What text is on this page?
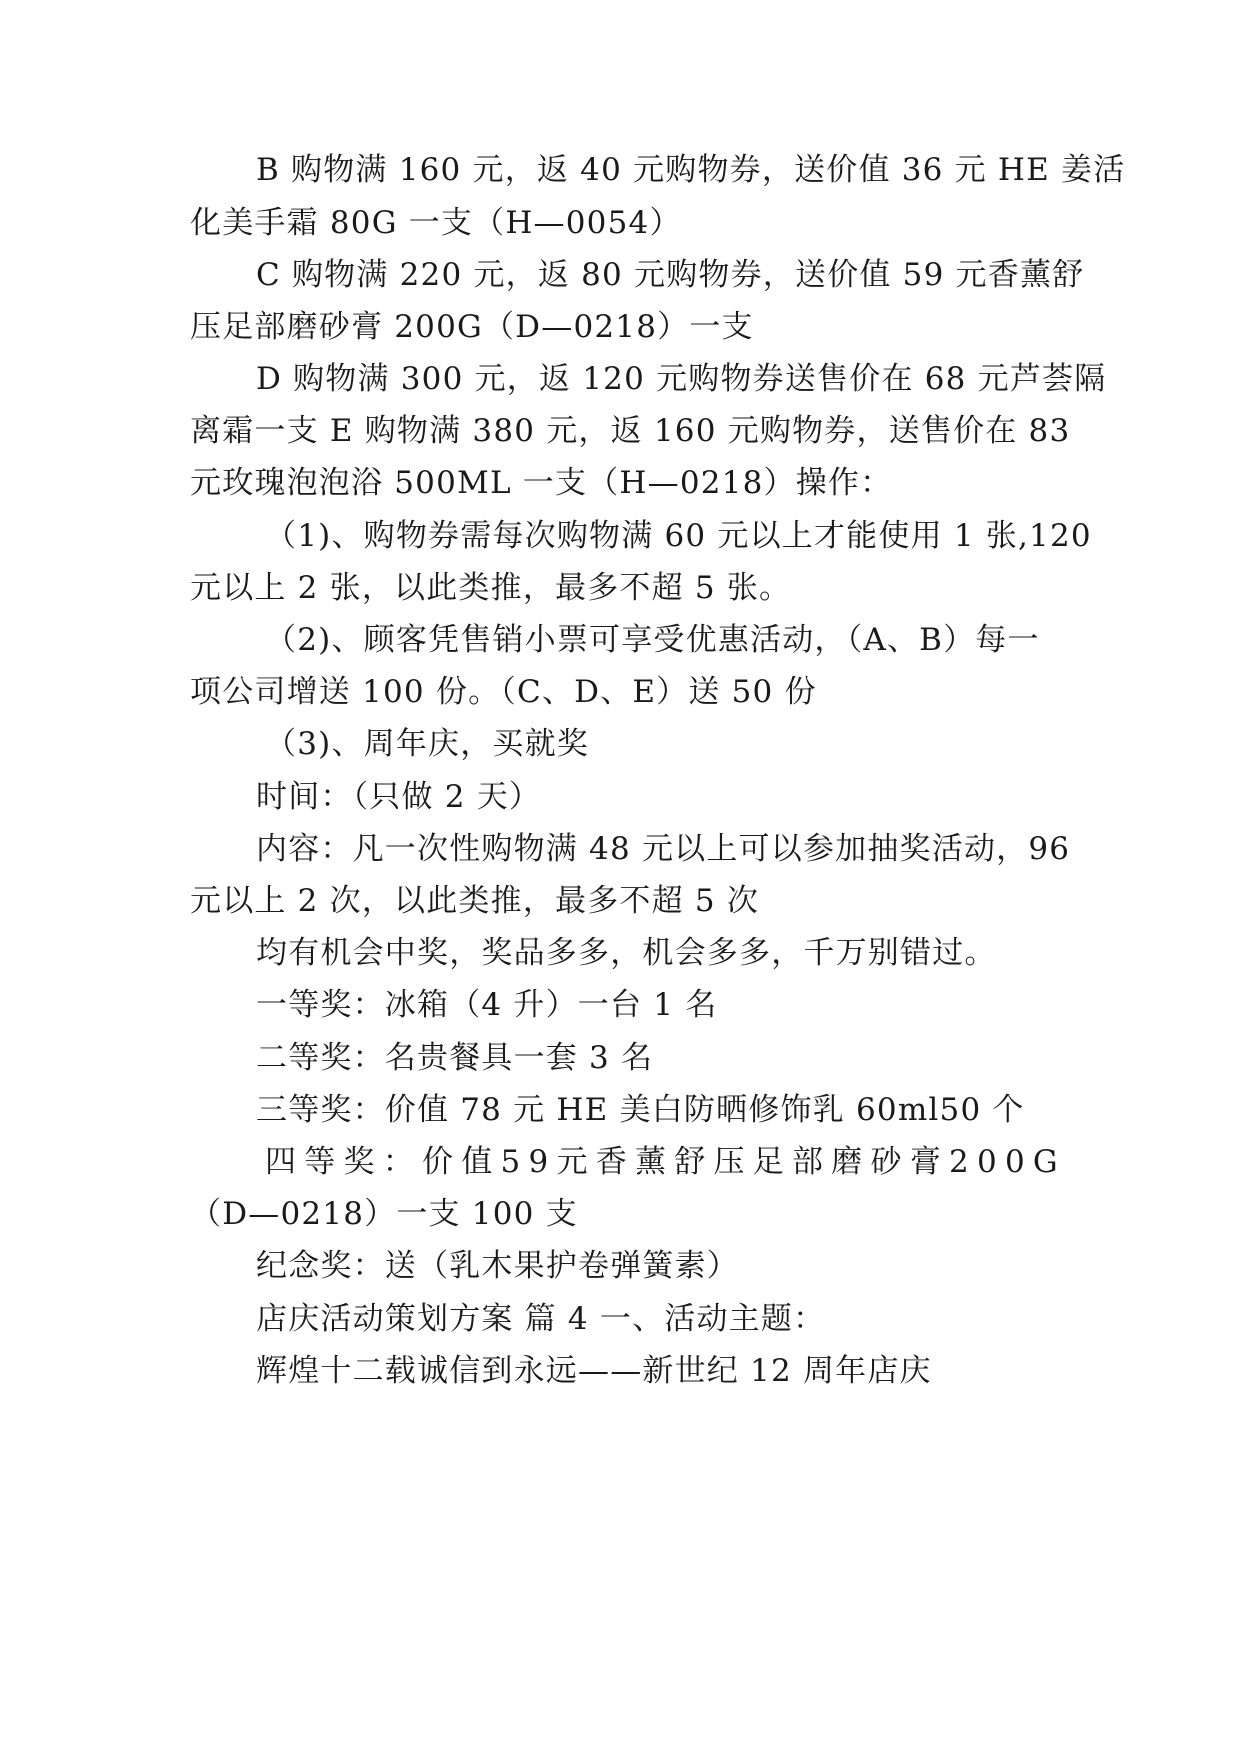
B 购物满 160 元，返 40 元购物券，送价值 36 元 HE 姜活
化美手霜 80G 一支（H—0054）
C 购物满 220 元，返 80 元购物券，送价值 59 元香薰舒
压足部磨砂膏 200G（D—0218）一支
D 购物满 300 元，返 120 元购物券送售价在 68 元芦荟隔
离霜一支 E 购物满 380 元，返 160 元购物券，送售价在 83
元玫瑰泡泡浴 500ML 一支（H—0218）操作：
（1)、购物券需每次购物满 60 元以上才能使用 1 张,120
元以上 2 张，以此类推，最多不超 5 张。
（2)、顾客凭售销小票可享受优惠活动，（A、B）每一
项公司增送 100 份。（C、D、E）送 50 份
（3)、周年庆，买就奖
时间：（只做 2 天）
内容：凡一次性购物满 48 元以上可以参加抽奖活动，96
元以上 2 次，以此类推，最多不超 5 次
均有机会中奖，奖品多多，机会多多，千万别错过。
一等奖：冰箱（4 升）一台 1 名
二等奖：名贵餐具一套 3 名
三等奖：价值 78 元 HE 美白防晒修饰乳 60ml50 个
四 等 奖 ： 价 值 5 9 元 香 薰 舒 压 足 部 磨 砂 膏 2 0 0 G
（D—0218）一支 100 支
纪念奖：送（乳木果护卷弹簧素）
店庆活动策划方案 篇 4 一、活动主题：
辉煌十二载诚信到永远——新世纪 12 周年店庆
